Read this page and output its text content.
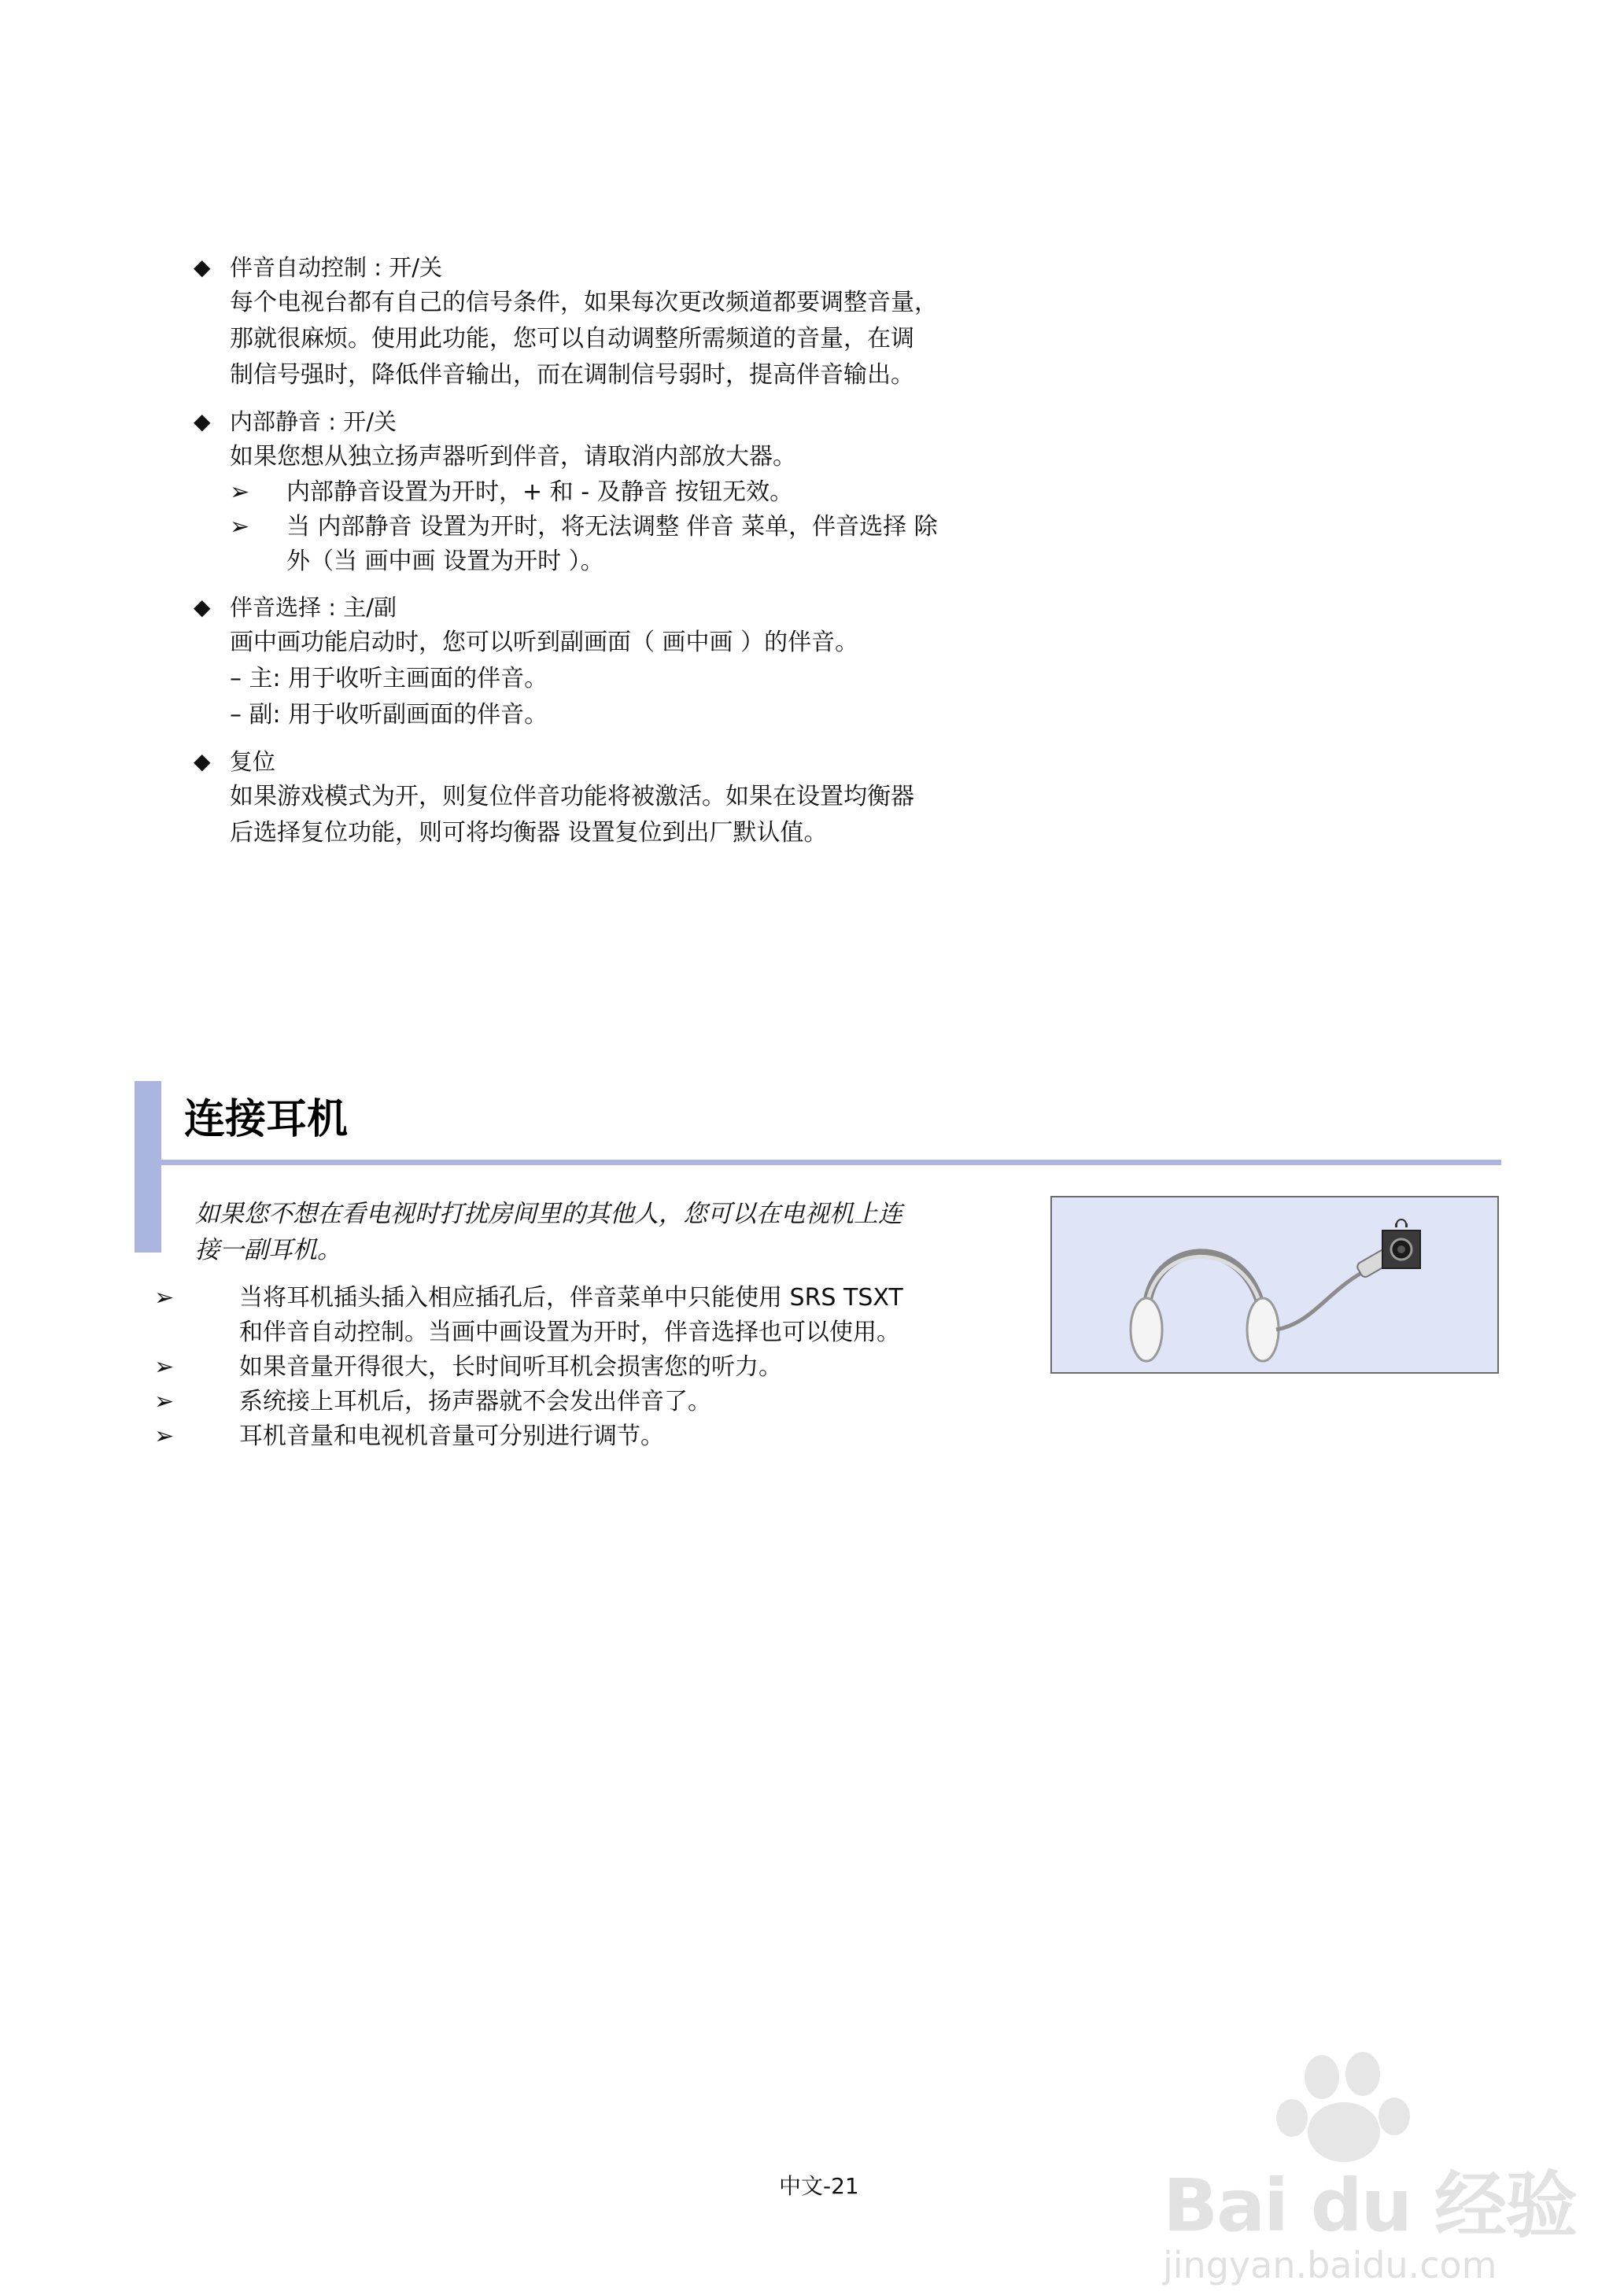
◆ 伴音自动控制 : 开/关
每个电视台都有自己的信号条件，如果每次更改频道都要调整音量，
那就很麻烦。使用此功能，您可以自动调整所需频道的音量，在调
制信号强时，降低伴音输出，而在调制信号弱时，提高伴音输出。
◆ 内部静音 : 开/关
如果您想从独立扬声器听到伴音，请取消内部放大器。
➢ 内部静音设置为开时，+ 和 - 及静音 按钮无效。
➢ 当 内部静音 设置为开时，将无法调整 伴音 菜单，伴音选择 除
外（当 画中画 设置为开时 ）。
◆ 伴音选择 : 主/副
画中画功能启动时，您可以听到副画面（ 画中画 ）的伴音。
– 主: 用于收听主画面的伴音。
– 副: 用于收听副画面的伴音。
◆ 复位
如果游戏模式为开，则复位伴音功能将被激活。如果在设置均衡器
后选择复位功能，则可将均衡器 设置复位到出厂默认值。
连接耳机
如果您不想在看电视时打扰房间里的其他人，您可以在电视机上连
接一副耳机。
➢	当将耳机插头插入相应插孔后，伴音菜单中只能使用 SRS TSXT
和伴音自动控制。当画中画设置为开时，伴音选择也可以使用。
➢	如果音量开得很大，长时间听耳机会损害您的听力。
➢	系统接上耳机后，扬声器就不会发出伴音了。
➢	耳机音量和电视机音量可分别进行调节。
中文-21	Bai du 经验
jingyan.baidu.com
